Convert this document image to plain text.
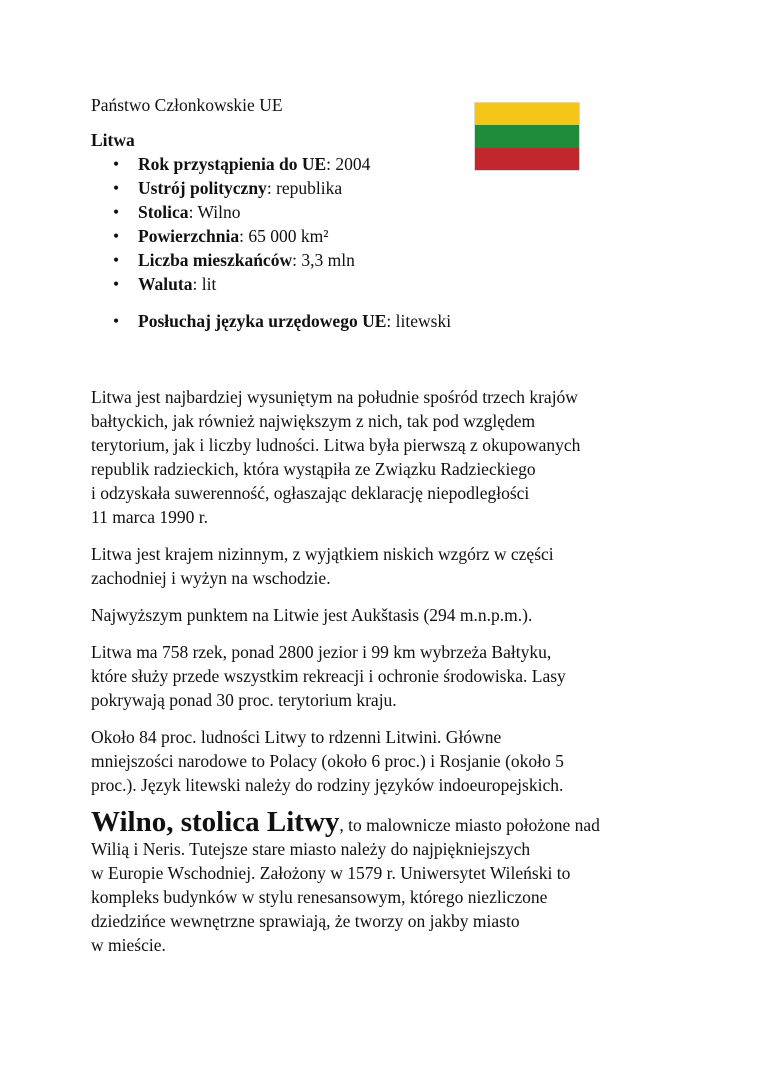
Państwo Członkowskie UE

Litwa

• Rok przystąpienia do UE: 2004
• Ustrój polityczny: republika
• Stolica: Wilno
• Powierzchnia: 65 000 km²
• Liczba mieszkańców: 3,3 mln
• Waluta: lit
• Posłuchaj języka urzędowego UE: litewski

Litwa jest najbardziej wysuniętym na południe spośród trzech krajów
bałtyckich, jak również największym z nich, tak pod względem
terytorium, jak i liczby ludności. Litwa była pierwszą z okupowanych
republik radzieckich, która wystąpiła ze Związku Radzieckiego
i odzyskała suwerenność, ogłaszając deklarację niepodległości
11 marca 1990 r.

Litwa jest krajem nizinnym, z wyjątkiem niskich wzgórz w części
zachodniej i wyżyn na wschodzie.

Najwyższym punktem na Litwie jest Aukštasis (294 m.n.p.m.).

Litwa ma 758 rzek, ponad 2800 jezior i 99 km wybrzeża Bałtyku,
które służy przede wszystkim rekreacji i ochronie środowiska. Lasy
pokrywają ponad 30 proc. terytorium kraju.

Około 84 proc. ludności Litwy to rdzenni Litwini. Główne
mniejszości narodowe to Polacy (około 6 proc.) i Rosjanie (około 5
proc.). Język litewski należy do rodziny języków indoeuropejskich.

Wilno, stolica Litwy, to malownicze miasto położone nad
Wilią i Neris. Tutejsze stare miasto należy do najpiękniejszych
w Europie Wschodniej. Założony w 1579 r. Uniwersytet Wileński to
kompleks budynków w stylu renesansowym, którego niezliczone
dziedzińce wewnętrzne sprawiają, że tworzy on jakby miasto
w mieście.
